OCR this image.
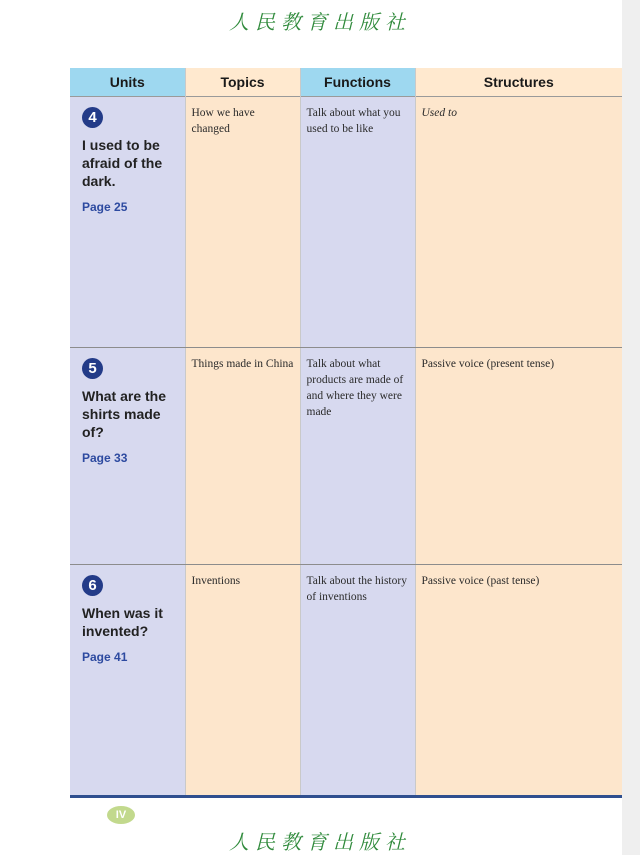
人民教育出版社
Units	Topics	Functions	Structures

4
I used to be afraid of the dark.
Page 25	How we have changed	Talk about what you used to be like	Used to

5
What are the shirts made of?
Page 33	Things made in China	Talk about what products are made of and where they were made	Passive voice (present tense)

6
When was it invented?
Page 41	Inventions	Talk about the history of inventions	Passive voice (past tense)
IV
人民教育出版社
